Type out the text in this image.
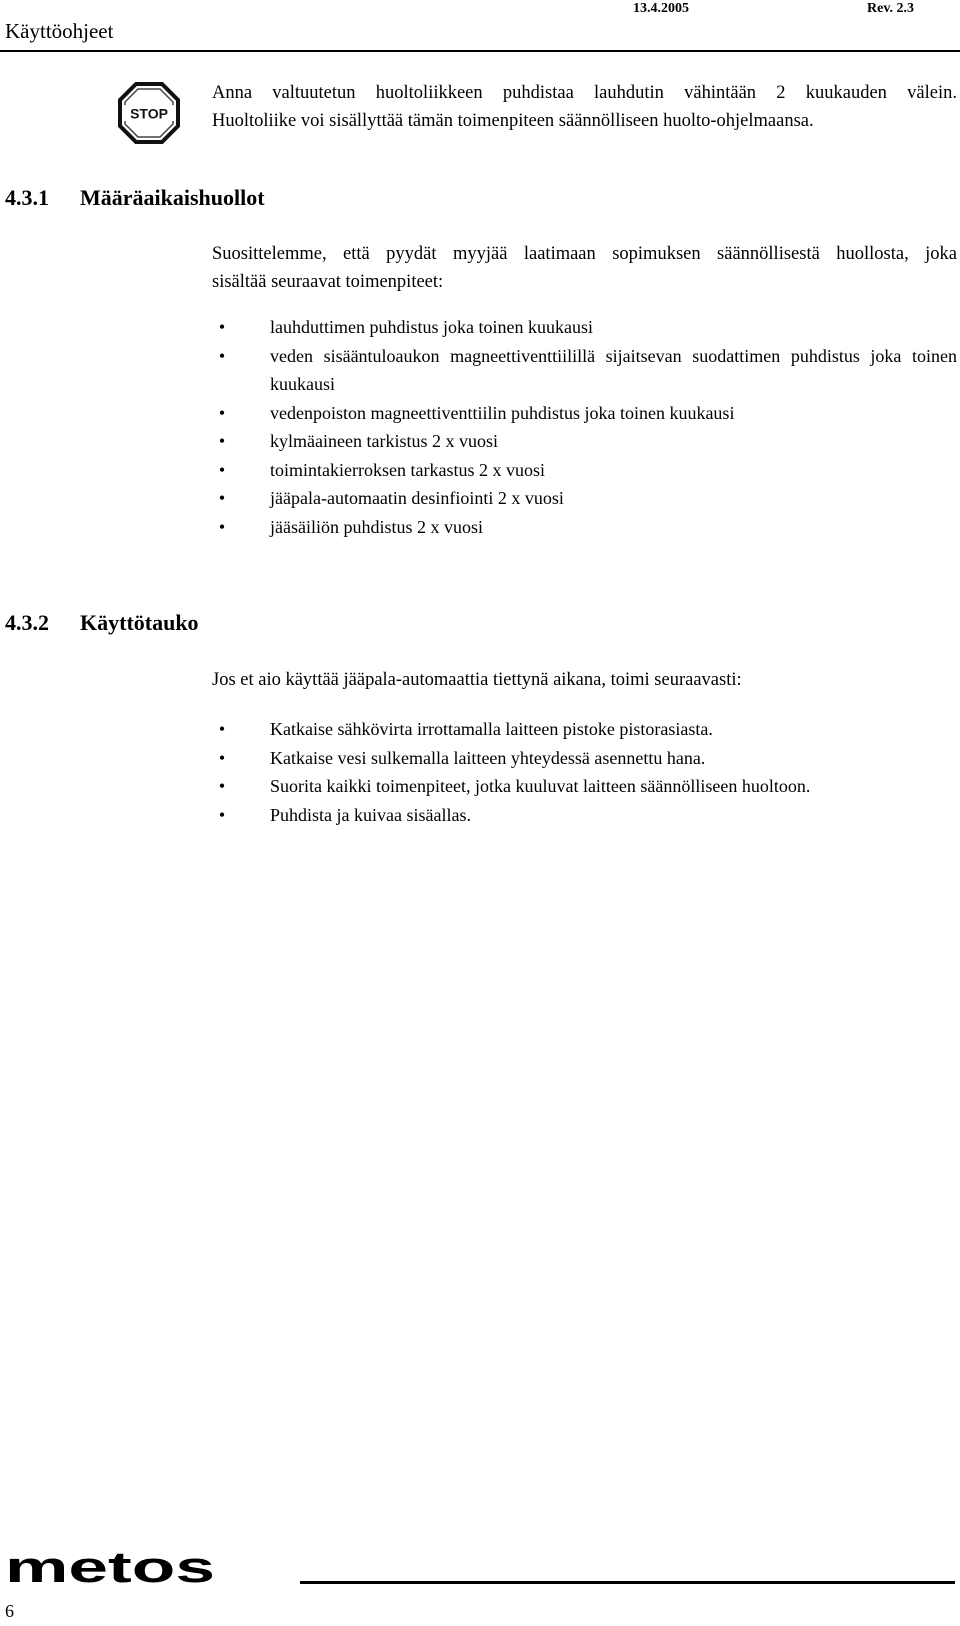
Käyttöohjeet
13.4.2005	Rev. 2.3
STOP
Anna valtuutetun huoltoliikkeen puhdistaa lauhdutin vähintään 2 kuukauden välein.
Huoltoliike voi sisällyttää tämän toimenpiteen säännölliseen huolto-ohjelmaansa.
4.3.1 Määräaikaishuollot
Suosittelemme, että pyydät myyjää laatimaan sopimuksen säännöllisestä huollosta, joka
sisältää seuraavat toimenpiteet:
•	lauhduttimen puhdistus joka toinen kuukausi
•	veden sisääntuloaukon magneettiventtiilillä sijaitsevan suodattimen puhdistus joka toinen kuukausi
•	vedenpoiston magneettiventtiilin puhdistus joka toinen kuukausi
•	kylmäaineen tarkistus 2 x vuosi
•	toimintakierroksen tarkastus 2 x vuosi
•	jääpala-automaatin desinfiointi 2 x vuosi
•	jääsäiliön puhdistus 2 x vuosi
4.3.2 Käyttötauko
Jos et aio käyttää jääpala-automaattia tiettynä aikana, toimi seuraavasti:
•	Katkaise sähkövirta irrottamalla laitteen pistoke pistorasiasta.
•	Katkaise vesi sulkemalla laitteen yhteydessä asennettu hana.
•	Suorita kaikki toimenpiteet, jotka kuuluvat laitteen säännölliseen huoltoon.
•	Puhdista ja kuivaa sisäallas.
metos
6
